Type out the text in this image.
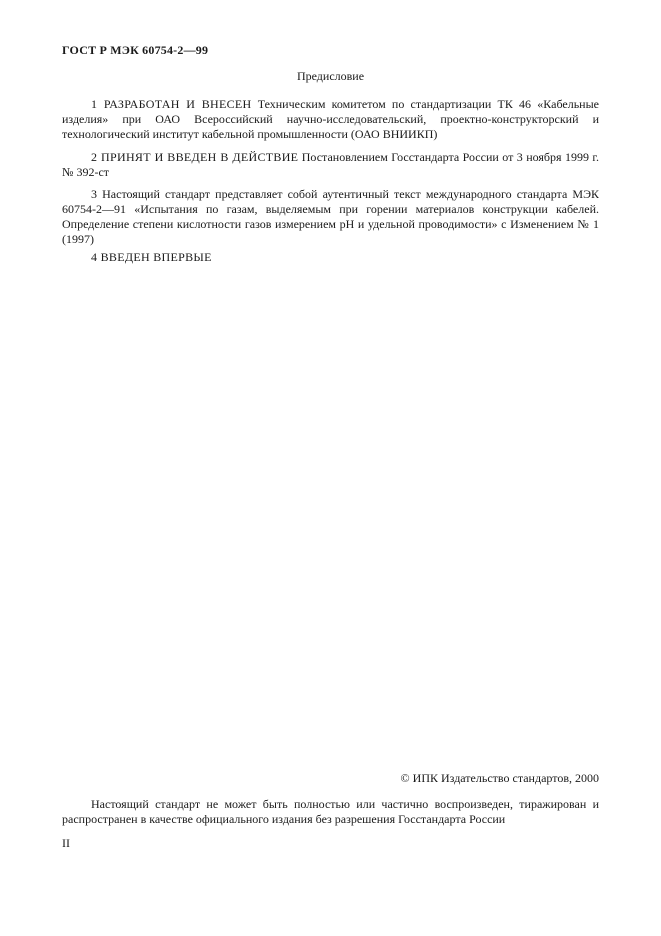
ГОСТ Р МЭК 60754-2—99
Предисловие

1 РАЗРАБОТАН И ВНЕСЕН Техническим комитетом по стандартизации ТК 46 «Кабельные изделия» при ОАО Всероссийский научно-исследовательский, проектно-конструкторский и технологический институт кабельной промышленности (ОАО ВНИИКП)

2 ПРИНЯТ И ВВЕДЕН В ДЕЙСТВИЕ Постановлением Госстандарта России от 3 ноября 1999 г. № 392-ст

3 Настоящий стандарт представляет собой аутентичный текст международного стандарта МЭК 60754-2—91 «Испытания по газам, выделяемым при горении материалов конструкции кабелей. Определение степени кислотности газов измерением pH и удельной проводимости» с Изменением № 1 (1997)

4 ВВЕДЕН ВПЕРВЫЕ

© ИПК Издательство стандартов, 2000

Настоящий стандарт не может быть полностью или частично воспроизведен, тиражирован и распространен в качестве официального издания без разрешения Госстандарта России

II
